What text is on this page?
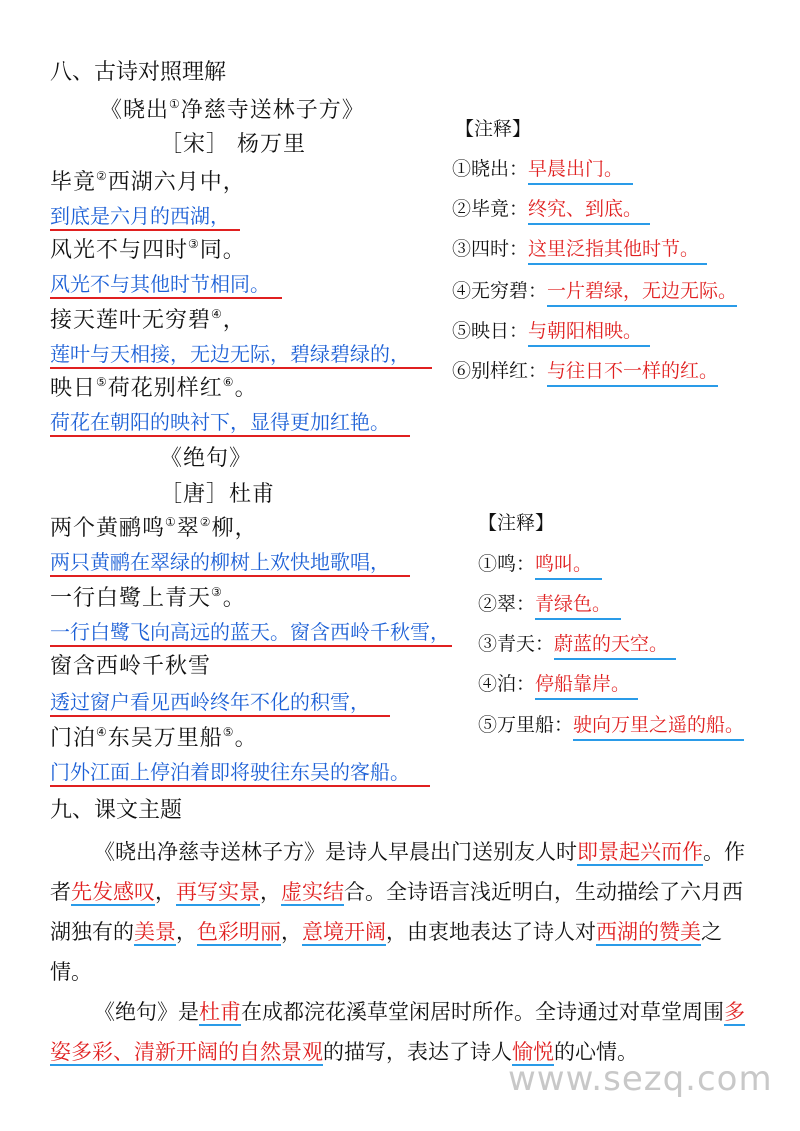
八、古诗对照理解
《晓出①净慈寺送林子方》
［宋］ 杨万里
毕竟②西湖六月中，
到底是六月的西湖，
风光不与四时③同。
风光不与其他时节相同。
接天莲叶无穷碧④，
莲叶与天相接，无边无际，碧绿碧绿的，
映日⑤荷花别样红⑥。
荷花在朝阳的映衬下，显得更加红艳。
【注释】
①晓出：早晨出门。
②毕竟：终究、到底。
③四时：这里泛指其他时节。
④无穷碧：一片碧绿，无边无际。
⑤映日：与朝阳相映。
⑥别样红：与往日不一样的红。
《绝句》
［唐］杜甫
两个黄鹂鸣①翠②柳，
两只黄鹂在翠绿的柳树上欢快地歌唱，
一行白鹭上青天③。
一行白鹭飞向高远的蓝天。窗含西岭千秋雪，
窗含西岭千秋雪
透过窗户看见西岭终年不化的积雪，
门泊④东吴万里船⑤。
门外江面上停泊着即将驶往东吴的客船。
【注释】
①鸣：鸣叫。
②翠：青绿色。
③青天：蔚蓝的天空。
④泊：停船靠岸。
⑤万里船：驶向万里之遥的船。
九、课文主题
《晓出净慈寺送林子方》是诗人早晨出门送别友人时即景起兴而作。作者先发感叹，再写实景，虚实结合。全诗语言浅近明白，生动描绘了六月西湖独有的美景，色彩明丽，意境开阔，由衷地表达了诗人对西湖的赞美之情。
《绝句》是杜甫在成都浣花溪草堂闲居时所作。全诗通过对草堂周围多姿多彩、清新开阔的自然景观的描写，表达了诗人愉悦的心情。
www.sezq.com
